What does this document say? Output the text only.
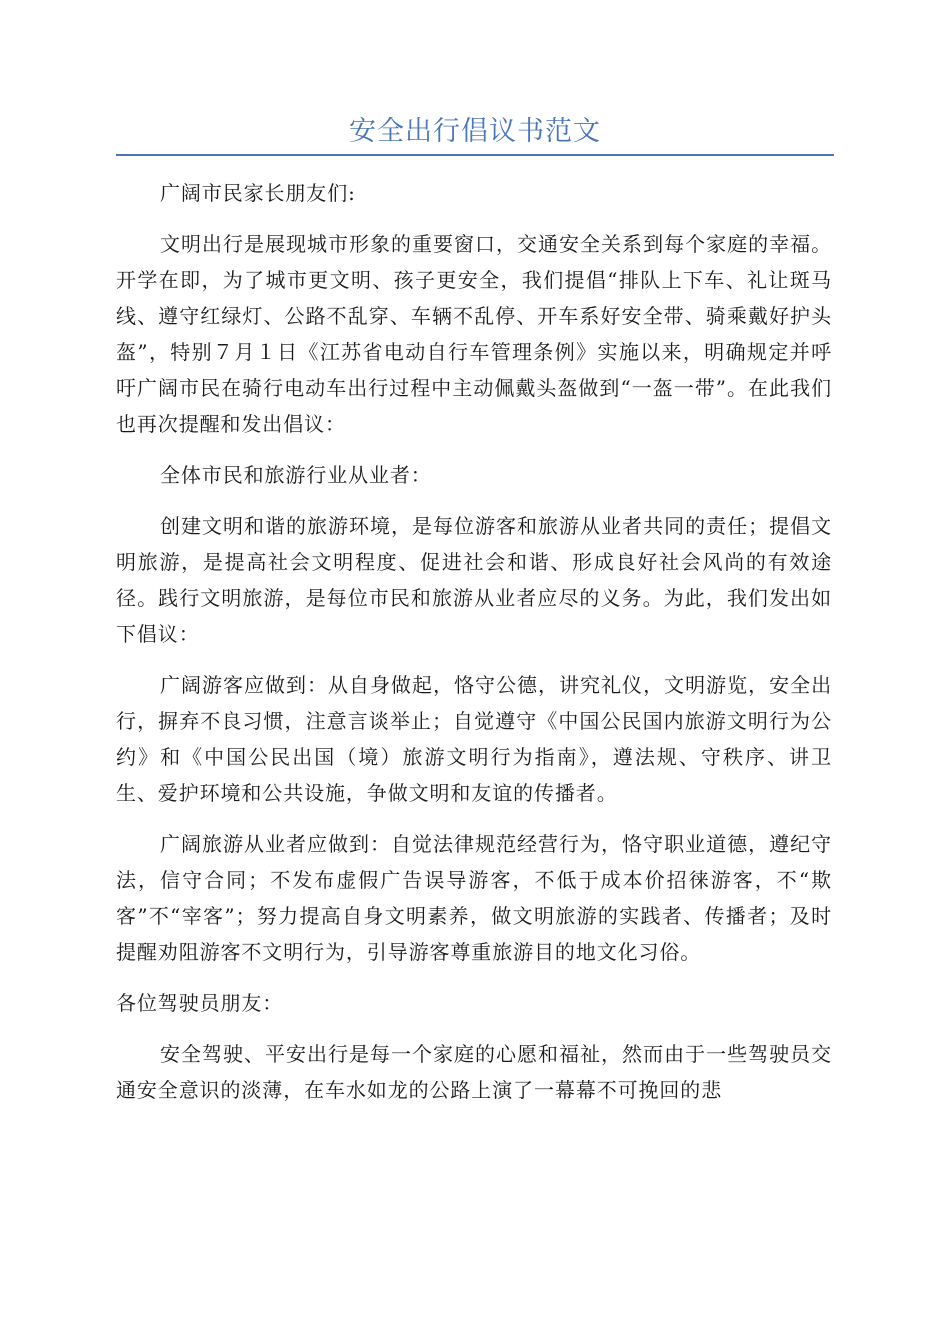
安全出行倡议书范文

广阔市民家长朋友们:

文明出行是展现城市形象的重要窗口，交通安全关系到每个家庭的幸福。开学在即，为了城市更文明、孩子更安全，我们提倡“排队上下车、礼让斑马线、遵守红绿灯、公路不乱穿、车辆不乱停、开车系好安全带、骑乘戴好护头盔”，特别７月１日《江苏省电动自行车管理条例》实施以来，明确规定并呼吁广阔市民在骑行电动车出行过程中主动佩戴头盔做到“一盔一带”。在此我们也再次提醒和发出倡议：

全体市民和旅游行业从业者：

创建文明和谐的旅游环境，是每位游客和旅游从业者共同的责任；提倡文明旅游，是提高社会文明程度、促进社会和谐、形成良好社会风尚的有效途径。践行文明旅游，是每位市民和旅游从业者应尽的义务。为此，我们发出如下倡议：

广阔游客应做到：从自身做起，恪守公德，讲究礼仪，文明游览，安全出行，摒弃不良习惯，注意言谈举止；自觉遵守《中国公民国内旅游文明行为公约》和《中国公民出国（境）旅游文明行为指南》，遵法规、守秩序、讲卫生、爱护环境和公共设施，争做文明和友谊的传播者。

广阔旅游从业者应做到：自觉法律规范经营行为，恪守职业道德，遵纪守法，信守合同；不发布虚假广告误导游客，不低于成本价招徕游客，不“欺客”不“宰客”；努力提高自身文明素养，做文明旅游的实践者、传播者；及时提醒劝阻游客不文明行为，引导游客尊重旅游目的地文化习俗。

各位驾驶员朋友：

安全驾驶、平安出行是每一个家庭的心愿和福祉，然而由于一些驾驶员交通安全意识的淡薄，在车水如龙的公路上演了一幕幕不可挽回的悲
